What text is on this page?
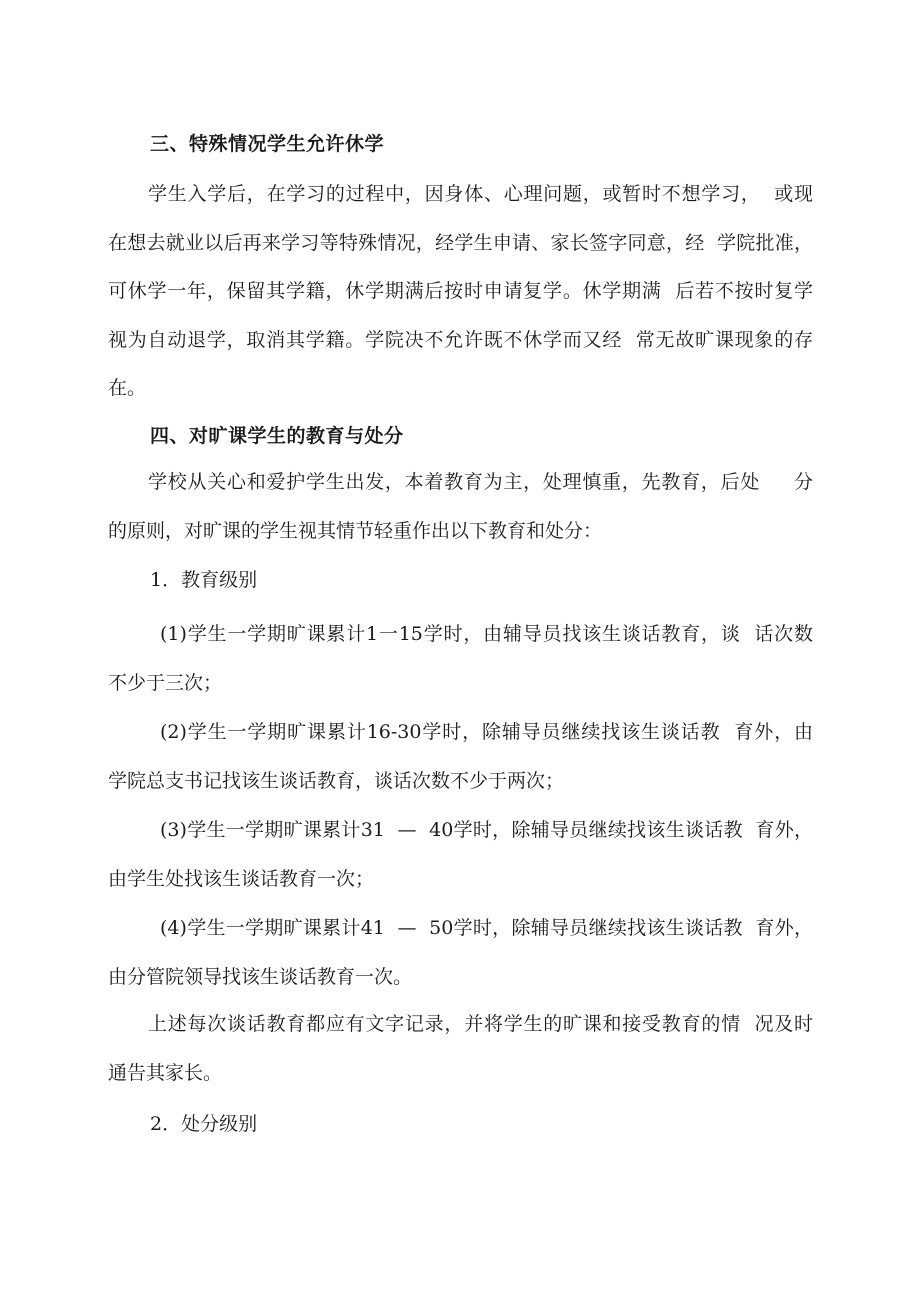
三、特殊情况学生允许休学
学生入学后，在学习的过程中，因身体、心理问题，或暂时不想学习，  或现
在想去就业以后再来学习等特殊情况，经学生申请、家长签字同意，经  学院批准，
可休学一年，保留其学籍，休学期满后按时申请复学。休学期满  后若不按时复学
视为自动退学，取消其学籍。学院决不允许既不休学而又经  常无故旷课现象的存
在。
四、对旷课学生的教育与处分
学校从关心和爱护学生出发，本着教育为主，处理慎重，先教育，后处     分
的原则，对旷课的学生视其情节轻重作出以下教育和处分：

1．教育级别

(1)学生一学期旷课累计1一15学时，由辅导员找该生谈话教育，谈  话次数
不少于三次；
(2)学生一学期旷课累计16-30学时，除辅导员继续找该生谈话教  育外，由
学院总支书记找该生谈话教育，谈话次数不少于两次；
(3)学生一学期旷课累计31  —  40学时，除辅导员继续找该生谈话教  育外，
由学生处找该生谈话教育一次；
(4)学生一学期旷课累计41  —  50学时，除辅导员继续找该生谈话教  育外，
由分管院领导找该生谈话教育一次。
上述每次谈话教育都应有文字记录，并将学生的旷课和接受教育的情  况及时
通告其家长。

2．处分级别
